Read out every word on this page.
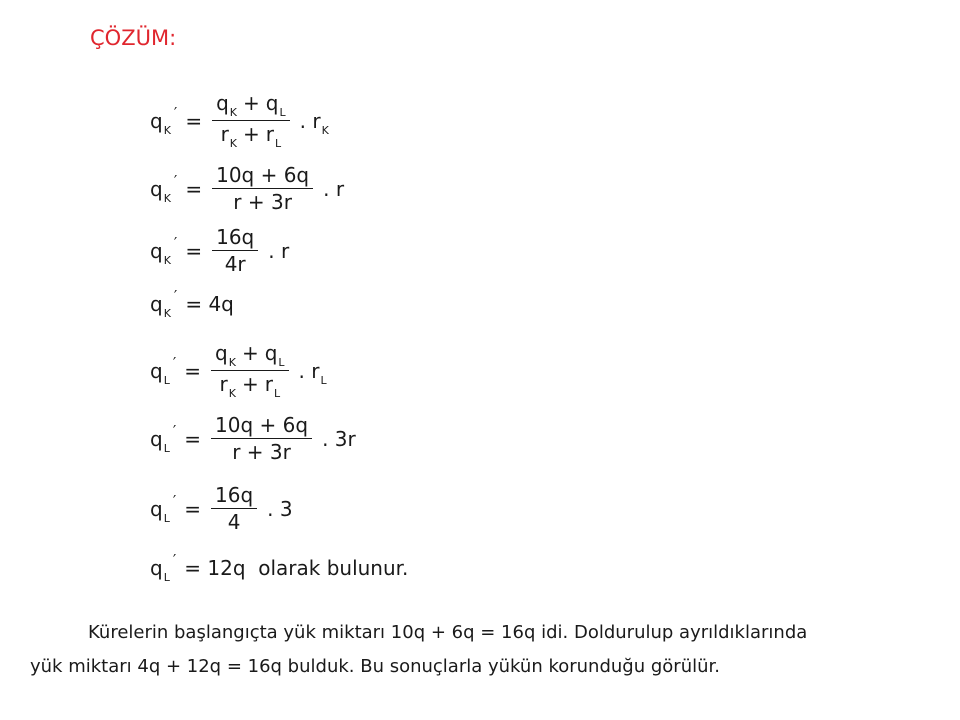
ÇÖZÜM:
q K
′ = $\frac{\text{q K + q L}}{\text{r K + r L}}$ . r K
q K
′ = $\frac{10q + 6q}{r + 3r}$ . r
q K
′ = $\frac{16q}{4r}$ . r
q K
′ = 4q
q L
′ = $\frac{\text{q K + q L}}{\text{r K + r L}}$ . r L
q L
′ = $\frac{10q + 6q}{r + 3r}$ . 3r
q L
′ = $\frac{16q}{4}$ . 3
q L
′ = 12q  olarak bulunur.
Kürelerin başlangıçta yük miktarı 10q + 6q = 16q idi. Doldurulup ayrıldıklarında
yük miktarı 4q + 12q = 16q bulduk. Bu sonuçlarla yükün korunduğu görülür.
